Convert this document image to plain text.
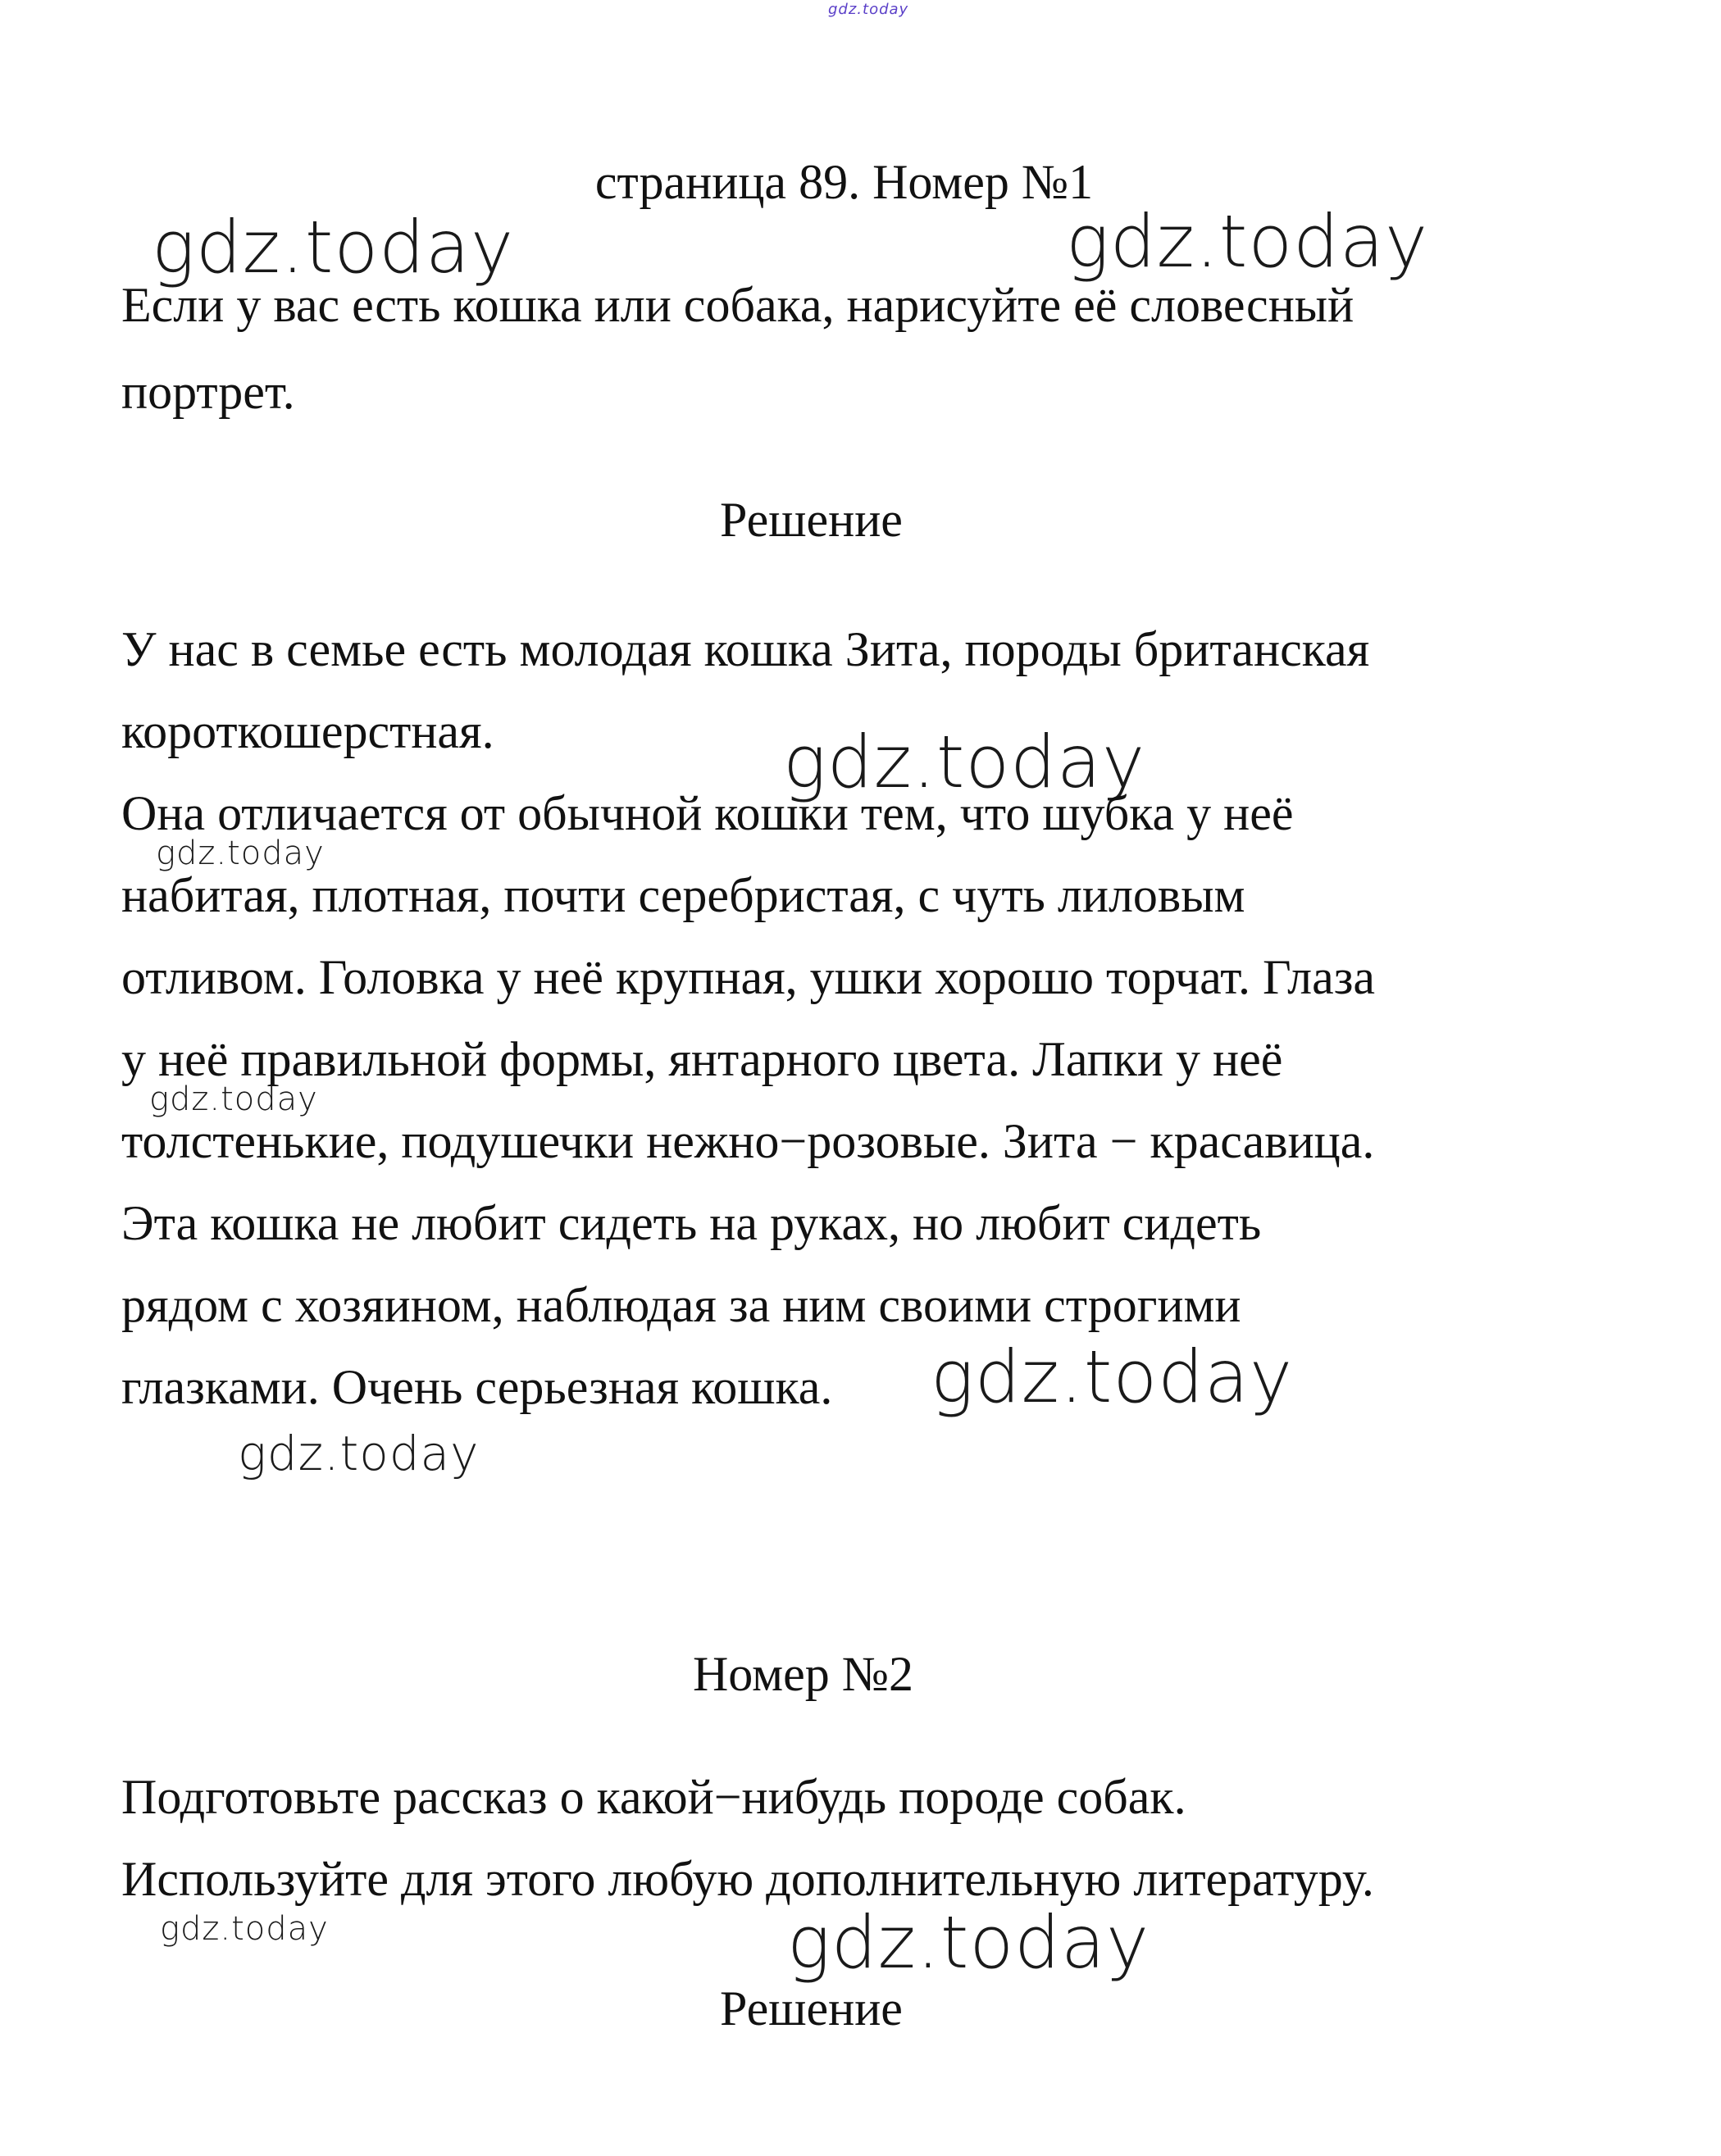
gdz.today

страница 89. Номер №1

gdz.today	gdz.today

Если у вас есть кошка или собака, нарисуйте её словесный

портрет.

Решение

У нас в семье есть молодая кошка Зита, породы британская

короткошерстная.	gdz.today

Она отличается от обычной кошки тем, что шубка у неё

gdz.today

набитая, плотная, почти серебристая, с чуть лиловым

отливом. Головка у неё крупная, ушки хорошо торчат. Глаза

у неё правильной формы, янтарного цвета. Лапки у неё

gdz.today

толстенькие, подушечки нежно−розовые. Зита − красавица.

Эта кошка не любит сидеть на руках, но любит сидеть

рядом с хозяином, наблюдая за ним своими строгими

глазками. Очень серьезная кошка. gdz.today
gdz.today

Номер №2

Подготовьте рассказ о какой−нибудь породе собак.

Используйте для этого любую дополнительную литературу.

gdz.today	gdz.today

Решение
